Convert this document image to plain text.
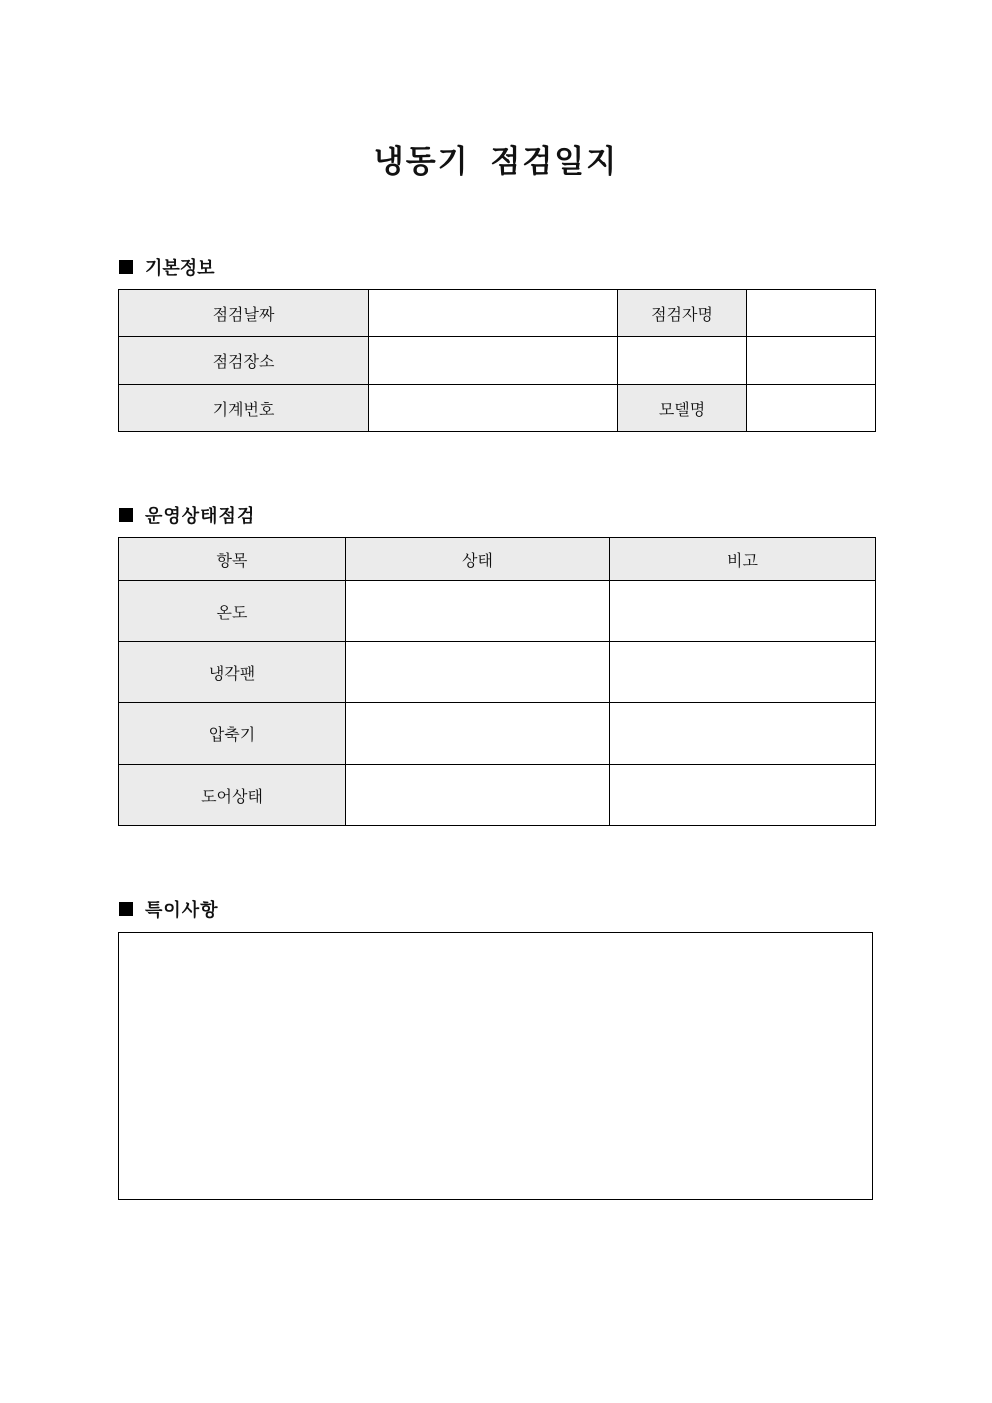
냉동기 점검일지
기본정보
점검날짜		점검자명	
점검장소			
기계번호		모델명	
운영상태점검
항목	상태	비고
온도		
냉각팬		
압축기		
도어상태		
특이사항
